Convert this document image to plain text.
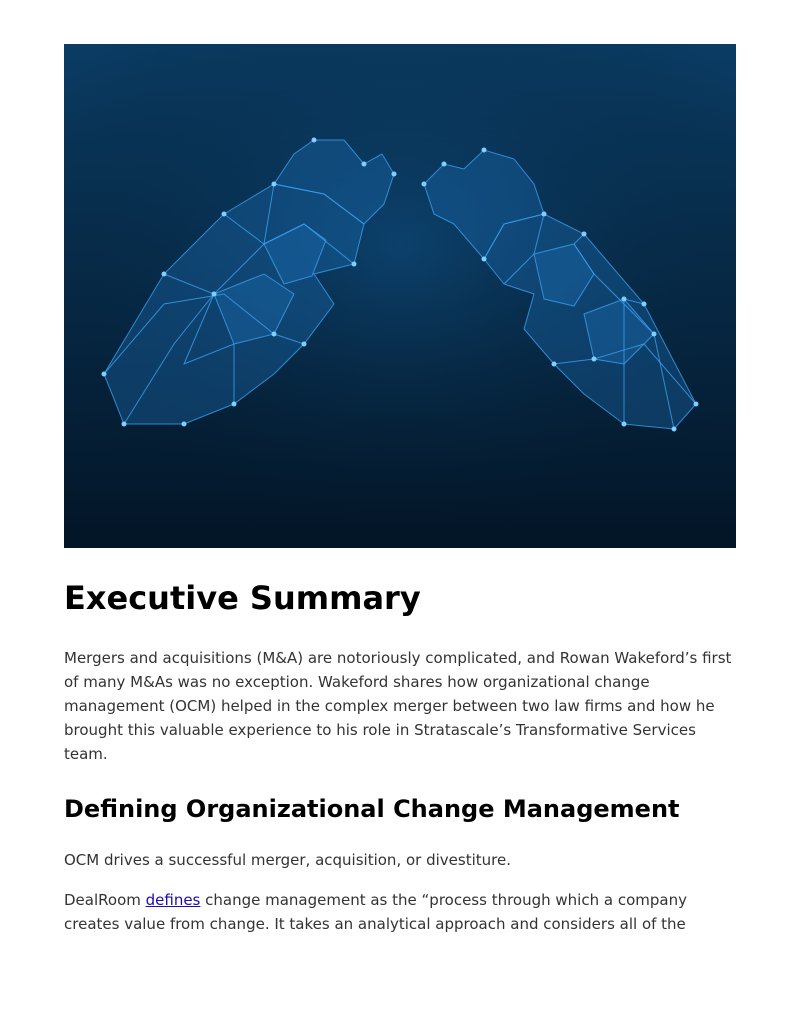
Executive Summary

Mergers and acquisitions (M&A) are notoriously complicated, and Rowan Wakeford’s first of many M&As was no exception. Wakeford shares how organizational change management (OCM) helped in the complex merger between two law firms and how he brought this valuable experience to his role in Stratascale’s Transformative Services team.

Defining Organizational Change Management

OCM drives a successful merger, acquisition, or divestiture.

DealRoom defines change management as the “process through which a company creates value from change. It takes an analytical approach and considers all of the
